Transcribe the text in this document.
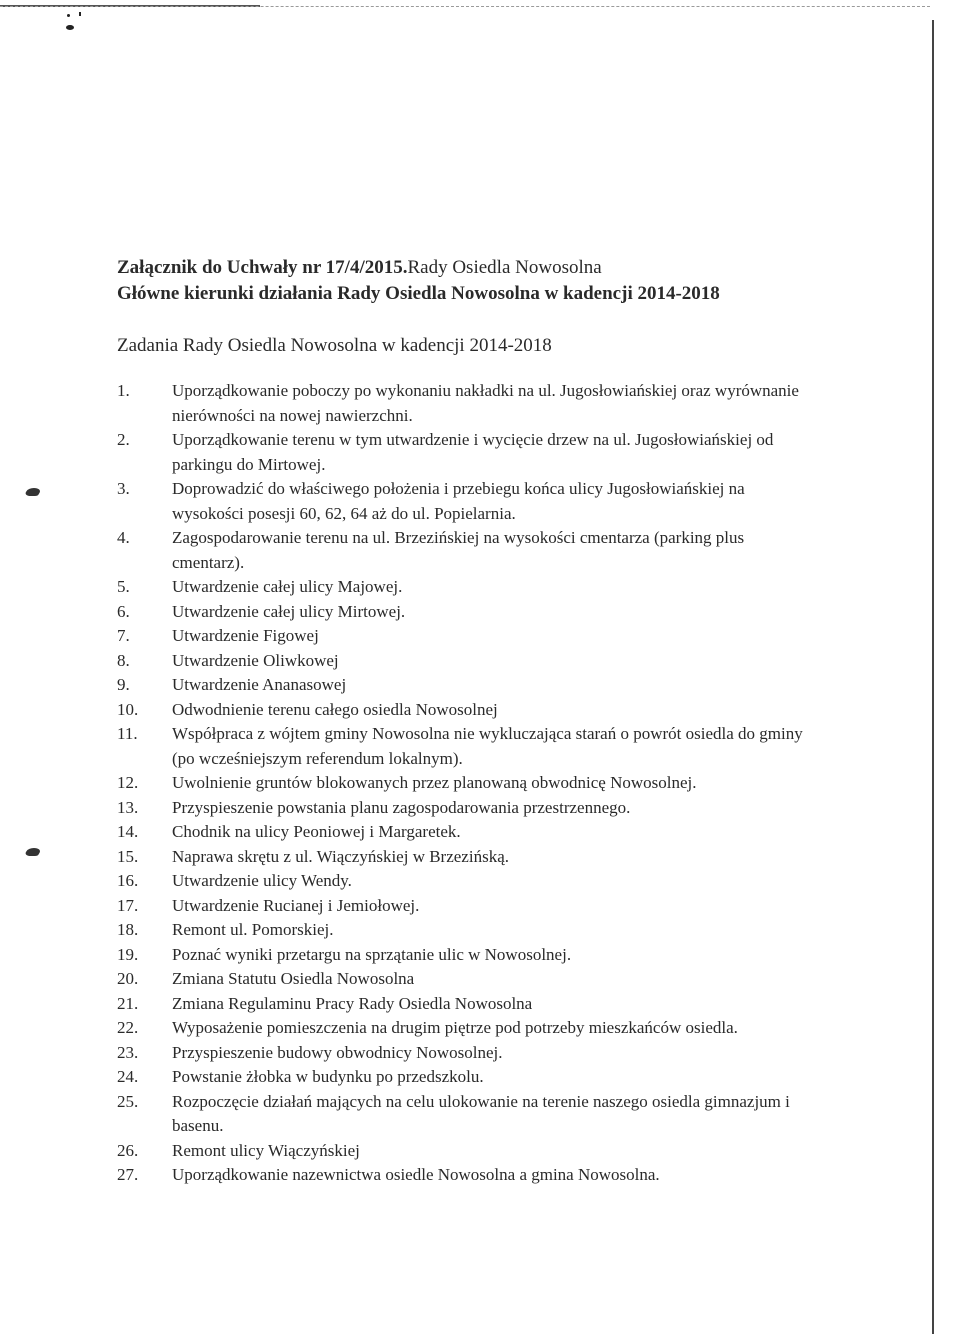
Załącznik do Uchwały nr 17/4/2015.Rady Osiedla Nowosolna

Główne kierunki działania Rady Osiedla Nowosolna w kadencji 2014-2018

Zadania Rady Osiedla Nowosolna w kadencji 2014-2018
1. Uporządkowanie poboczy po wykonaniu nakładki na ul. Jugosłowiańskiej oraz wyrównanie nierówności na nowej nawierzchni.
2. Uporządkowanie terenu w tym utwardzenie i wycięcie drzew na ul. Jugosłowiańskiej od parkingu do Mirtowej.
3. Doprowadzić do właściwego położenia i przebiegu końca ulicy Jugosłowiańskiej na wysokości posesji 60, 62, 64 aż do ul. Popielarnia.
4. Zagospodarowanie terenu na ul. Brzezińskiej na wysokości cmentarza (parking plus cmentarz).
5. Utwardzenie całej ulicy Majowej.
6. Utwardzenie całej ulicy Mirtowej.
7. Utwardzenie Figowej
8. Utwardzenie Oliwkowej
9. Utwardzenie Ananasowej
10. Odwodnienie terenu całego osiedla Nowosolnej
11. Współpraca z wójtem gminy Nowosolna nie wykluczająca starań o powrót osiedla do gminy (po wcześniejszym referendum lokalnym).
12. Uwolnienie gruntów blokowanych przez planowaną obwodnicę Nowosolnej.
13. Przyspieszenie powstania planu zagospodarowania przestrzennego.
14. Chodnik na ulicy Peoniowej i Margaretek.
15. Naprawa skrętu z ul. Wiączyńskiej w Brzezińską.
16. Utwardzenie ulicy Wendy.
17. Utwardzenie Rucianej i Jemiołowej.
18. Remont ul. Pomorskiej.
19. Poznać wyniki przetargu na sprzątanie ulic w Nowosolnej.
20. Zmiana Statutu Osiedla Nowosolna
21. Zmiana Regulaminu Pracy Rady Osiedla Nowosolna
22. Wyposażenie pomieszczenia na drugim piętrze pod potrzeby mieszkańców osiedla.
23. Przyspieszenie budowy obwodnicy Nowosolnej.
24. Powstanie żłobka w budynku po przedszkolu.
25. Rozpoczęcie działań mających na celu ulokowanie na terenie naszego osiedla gimnazjum i basenu.
26. Remont ulicy Wiączyńskiej
27. Uporządkowanie nazewnictwa osiedle Nowosolna a gmina Nowosolna.
